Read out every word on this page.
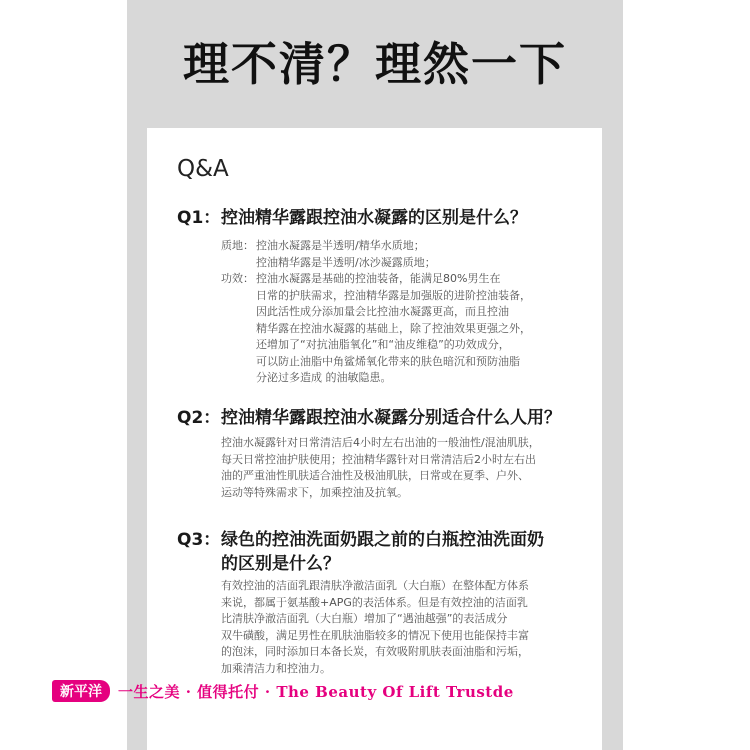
理不清？理然一下
Q&A

Q1：控油精华露跟控油水凝露的区别是什么？

质地： 控油水凝露是半透明/精华水质地；
控油精华露是半透明/冰沙凝露质地；
功效： 控油水凝露是基础的控油装备，能满足80%男生在
日常的护肤需求，控油精华露是加强版的进阶控油装备，
因此活性成分添加量会比控油水凝露更高，而且控油
精华露在控油水凝露的基础上，除了控油效果更强之外，
还增加了“对抗油脂氧化”和“油皮维稳”的功效成分，
可以防止油脂中角鲨烯氧化带来的肤色暗沉和预防油脂
分泌过多造成 的油敏隐患。

Q2：控油精华露跟控油水凝露分别适合什么人用？

控油水凝露针对日常清洁后4小时左右出油的一般油性/混油肌肤，
每天日常控油护肤使用；控油精华露针对日常清洁后2小时左右出
油的严重油性肌肤适合油性及极油肌肤，日常或在夏季、户外、
运动等特殊需求下，加乘控油及抗氧。

Q3：绿色的控油洗面奶跟之前的白瓶控油洗面奶
的区别是什么？

有效控油的洁面乳跟清肤净澈洁面乳（大白瓶）在整体配方体系
来说，都属于氨基酸+APG的表活体系。但是有效控油的洁面乳
比清肤净澈洁面乳（大白瓶）增加了“遇油越强”的表活成分
双牛磺酸，满足男性在肌肤油脂较多的情况下使用也能保持丰富
的泡沫，同时添加日本备长炭，有效吸附肌肤表面油脂和污垢，
加乘清洁力和控油力。
新平洋	一生之美 · 值得托付 · The Beauty Of Lift Trustde
